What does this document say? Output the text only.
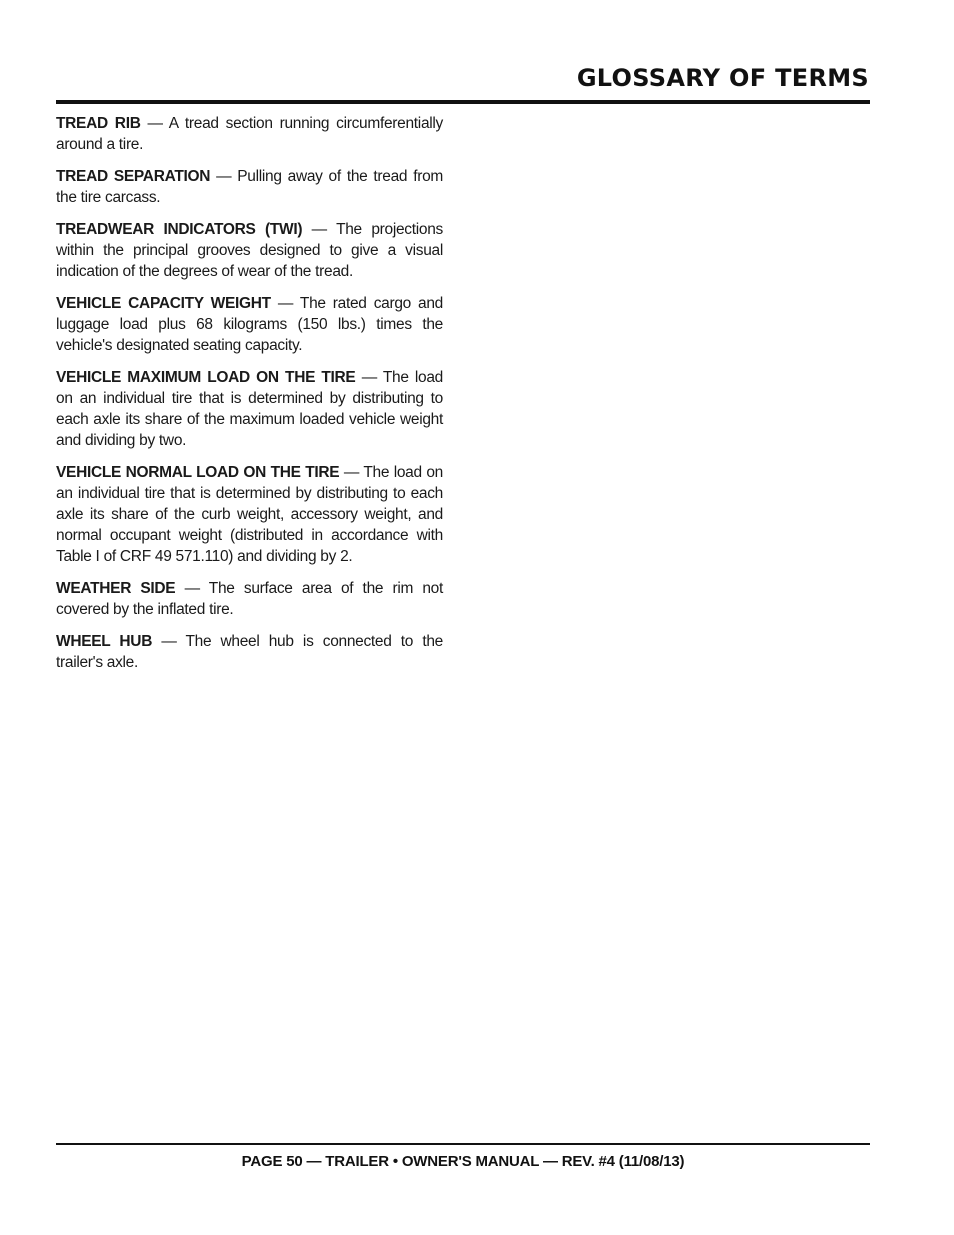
GLOSSARY OF TERMS

TREAD RIB — A tread section running circumferentially around a tire.

TREAD SEPARATION — Pulling away of the tread from the tire carcass.

TREADWEAR INDICATORS (TWI) — The projections within the principal grooves designed to give a visual indication of the degrees of wear of the tread.

VEHICLE CAPACITY WEIGHT — The rated cargo and luggage load plus 68 kilograms (150 lbs.) times the vehicle's designated seating capacity.

VEHICLE MAXIMUM LOAD ON THE TIRE — The load on an individual tire that is determined by distributing to each axle its share of the maximum loaded vehicle weight and dividing by two.

VEHICLE NORMAL LOAD ON THE TIRE — The load on an individual tire that is determined by distributing to each axle its share of the curb weight, accessory weight, and normal occupant weight (distributed in accordance with Table I of CRF 49 571.110) and dividing by 2.

WEATHER SIDE — The surface area of the rim not covered by the inflated tire.

WHEEL HUB — The wheel hub is connected to the trailer's axle.

PAGE 50 — TRAILER • OWNER'S MANUAL — REV. #4 (11/08/13)
